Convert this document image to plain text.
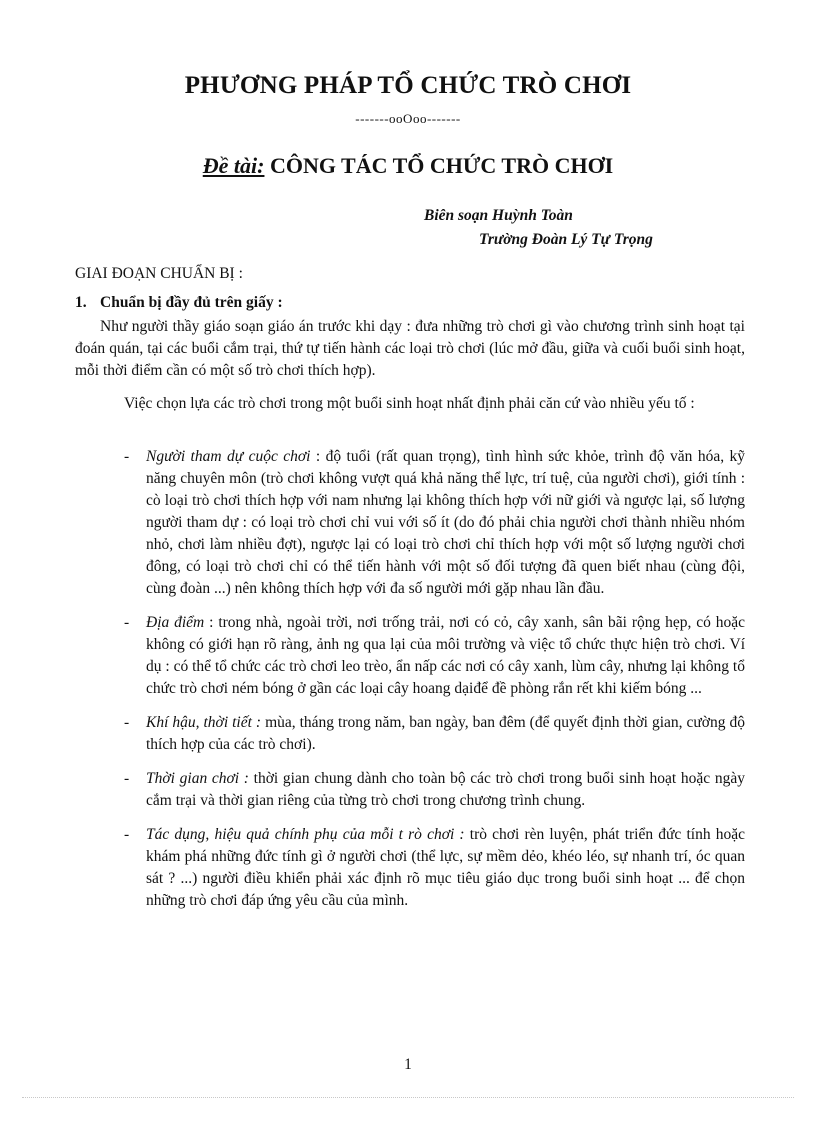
PHƯƠNG PHÁP TỔ CHỨC TRÒ CHƠI
-------ooOoo-------
Đề tài: CÔNG TÁC TỔ CHỨC TRÒ CHƠI
Biên soạn Huỳnh Toàn
Trường Đoàn Lý Tự Trọng
GIAI ĐOẠN CHUẨN BỊ :
1. Chuẩn bị đầy đủ trên giấy :
Như người thầy giáo soạn giáo án trước khi dạy : đưa những trò chơi gì vào chương trình sinh hoạt tại đoán quán, tại các buổi cắm trại, thứ tự tiến hành các loại trò chơi (lúc mở đầu, giữa và cuối buổi sinh hoạt, mỗi thời điểm cần có một số trò chơi thích hợp).
Việc chọn lựa các trò chơi trong một buổi sinh hoạt nhất định phải căn cứ vào nhiều yếu tố :
- Người tham dự cuộc chơi : độ tuổi (rất quan trọng), tình hình sức khỏe, trình độ văn hóa, kỹ năng chuyên môn (trò chơi không vượt quá khả năng thể lực, trí tuệ, của người chơi), giới tính : cò loại trò chơi thích hợp với nam nhưng lại không thích hợp với nữ giới và ngược lại, số lượng người tham dự : có loại trò chơi chỉ vui với số ít (do đó phải chia người chơi thành nhiều nhóm nhỏ, chơi làm nhiều đợt), ngược lại có loại trò chơi chỉ thích hợp với một số lượng người chơi đông, có loại trò chơi chỉ có thể tiến hành với một số đối tượng đã quen biết nhau (cùng đội, cùng đoàn ...) nên không thích hợp với đa số người mới gặp nhau lần đầu.
- Địa điểm : trong nhà, ngoài trời, nơi trống trải, nơi có cỏ, cây xanh, sân bãi rộng hẹp, có hoặc không có giới hạn rõ ràng, ảnh ng qua lại của môi trường và việc tổ chức thực hiện trò chơi. Ví dụ : có thể tổ chức các trò chơi leo trèo, ẩn nấp các nơi có cây xanh, lùm cây, nhưng lại không tổ chức trò chơi ném bóng ở gần các loại cây hoang dạiđể đề phòng rắn rết khi kiếm bóng ...
- Khí hậu, thời tiết : mùa, tháng trong năm, ban ngày, ban đêm (để quyết định thời gian, cường độ thích hợp của các trò chơi).
- Thời gian chơi : thời gian chung dành cho toàn bộ các trò chơi trong buổi sinh hoạt hoặc ngày cắm trại và thời gian riêng của từng trò chơi trong chương trình chung.
- Tác dụng, hiệu quả chính phụ của mỗi t rò chơi : trò chơi rèn luyện, phát triển đức tính hoặc khám phá những đức tính gì ở người chơi (thể lực, sự mềm dẻo, khéo léo, sự nhanh trí, óc quan sát ? ...) người điều khiển phải xác định rõ mục tiêu giáo dục trong buổi sinh hoạt ... để chọn những trò chơi đáp ứng yêu cầu của mình.
1
